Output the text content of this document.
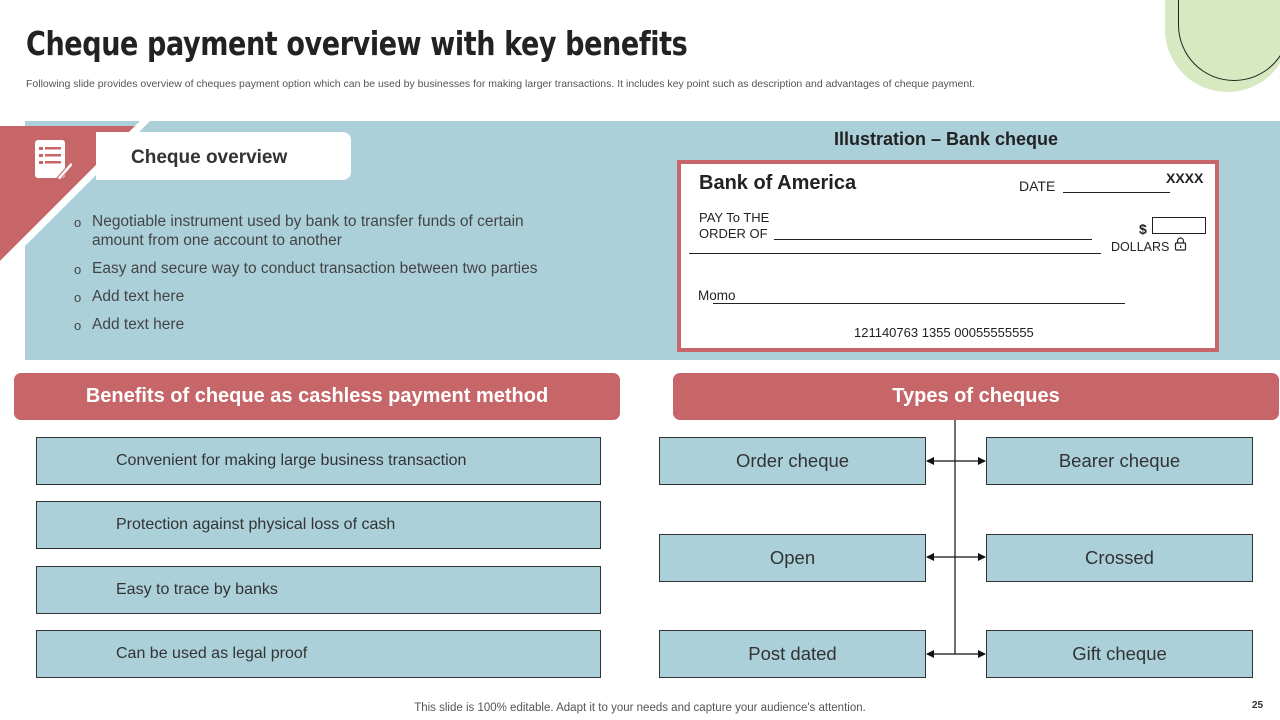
Cheque payment overview with key benefits
Following slide provides overview of cheques payment option which can be used by businesses for making larger transactions. It includes key point such as description and advantages of cheque payment.
Cheque overview
o Negotiable instrument used by bank to transfer funds of certain amount from one account to another
o Easy and secure way to conduct transaction between two parties
o Add text here
o Add text here
Illustration – Bank cheque
Bank of America	XXXX
DATE
PAY To THE
ORDER OF	$
DOLLARS
Momo
121140763 1355 00055555555
Benefits of cheque as cashless payment method
Convenient for making large business transaction
Protection against physical loss of cash
Easy to trace by banks
Can be used as legal proof
Types of cheques
Order cheque
Open
Post dated
Bearer cheque
Crossed
Gift cheque
This slide is 100% editable. Adapt it to your needs and capture your audience's attention.	25
